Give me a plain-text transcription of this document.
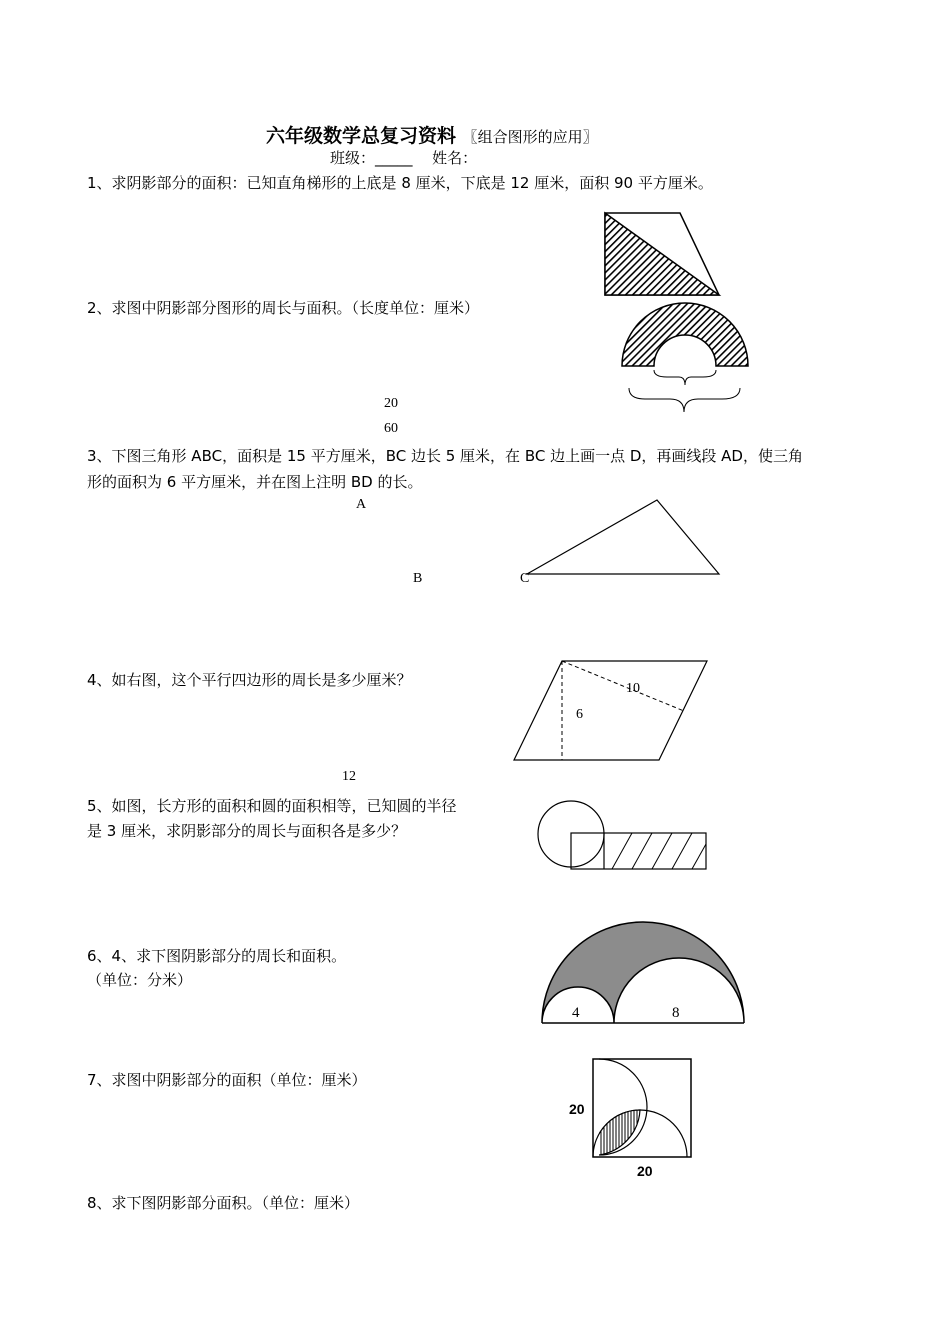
六年级数学总复习资料 〖组合图形的应用〗
班级：_____ 姓名：
1、求阴影部分的面积：已知直角梯形的上底是 8 厘米，下底是 12 厘米，面积 90 平方厘米。
2、求图中阴影部分图形的周长与面积。（长度单位：厘米）
20
60
3、下图三角形 ABC，面积是 15 平方厘米，BC 边长 5 厘米，在 BC 边上画一点 D，再画线段 AD，使三角
形的面积为 6 平方厘米，并在图上注明 BD 的长。
A
B	C
4、如右图，这个平行四边形的周长是多少厘米？	10
6
12
5、如图，长方形的面积和圆的面积相等，已知圆的半径
是 3 厘米，求阴影部分的周长与面积各是多少？
6、4、求下图阴影部分的周长和面积。
（单位：分米）
4	8
7、求图中阴影部分的面积（单位：厘米）
20
20
8、求下图阴影部分面积。（单位：厘米）
